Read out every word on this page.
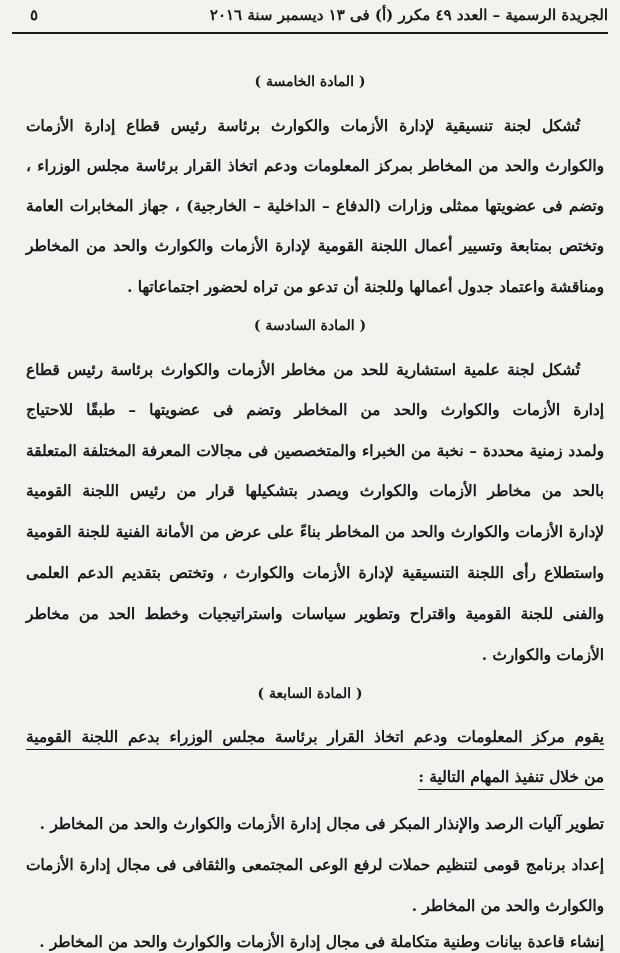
الجريدة الرسمية – العدد ٤٩ مكرر (أ) فى ١٣ ديسمبر سنة ٢٠١٦
٥
( المادة الخامسة )
تُشكل لجنة تنسيقية لإدارة الأزمات والكوارث برئاسة رئيس قطاع إدارة الأزمات
والكوارث والحد من المخاطر بمركز المعلومات ودعم اتخاذ القرار برئاسة مجلس الوزراء ،
وتضم فى عضويتها ممثلى وزارات (الدفاع – الداخلية – الخارجية) ، جهاز المخابرات العامة
وتختص بمتابعة وتسيير أعمال اللجنة القومية لإدارة الأزمات والكوارث والحد من المخاطر
ومناقشة واعتماد جدول أعمالها وللجنة أن تدعو من تراه لحضور اجتماعاتها .
( المادة السادسة )
تُشكل لجنة علمية استشارية للحد من مخاطر الأزمات والكوارث برئاسة رئيس قطاع
إدارة الأزمات والكوارث والحد من المخاطر وتضم فى عضويتها – طبقًا للاحتياج
ولمدد زمنية محددة – نخبة من الخبراء والمتخصصين فى مجالات المعرفة المختلفة المتعلقة
بالحد من مخاطر الأزمات والكوارث ويصدر بتشكيلها قرار من رئيس اللجنة القومية
لإدارة الأزمات والكوارث والحد من المخاطر بناءً على عرض من الأمانة الفنية للجنة القومية
واستطلاع رأى اللجنة التنسيقية لإدارة الأزمات والكوارث ، وتختص بتقديم الدعم العلمى
والفنى للجنة القومية واقتراح وتطوير سياسات واستراتيجيات وخطط الحد من مخاطر
الأزمات والكوارث .
( المادة السابعة )
يقوم مركز المعلومات ودعم اتخاذ القرار برئاسة مجلس الوزراء بدعم اللجنة القومية
من خلال تنفيذ المهام التالية :
تطوير آليات الرصد والإنذار المبكر فى مجال إدارة الأزمات والكوارث والحد من المخاطر .
إعداد برنامج قومى لتنظيم حملات لرفع الوعى المجتمعى والثقافى فى مجال إدارة الأزمات
والكوارث والحد من المخاطر .
إنشاء قاعدة بيانات وطنية متكاملة فى مجال إدارة الأزمات والكوارث والحد من المخاطر .
